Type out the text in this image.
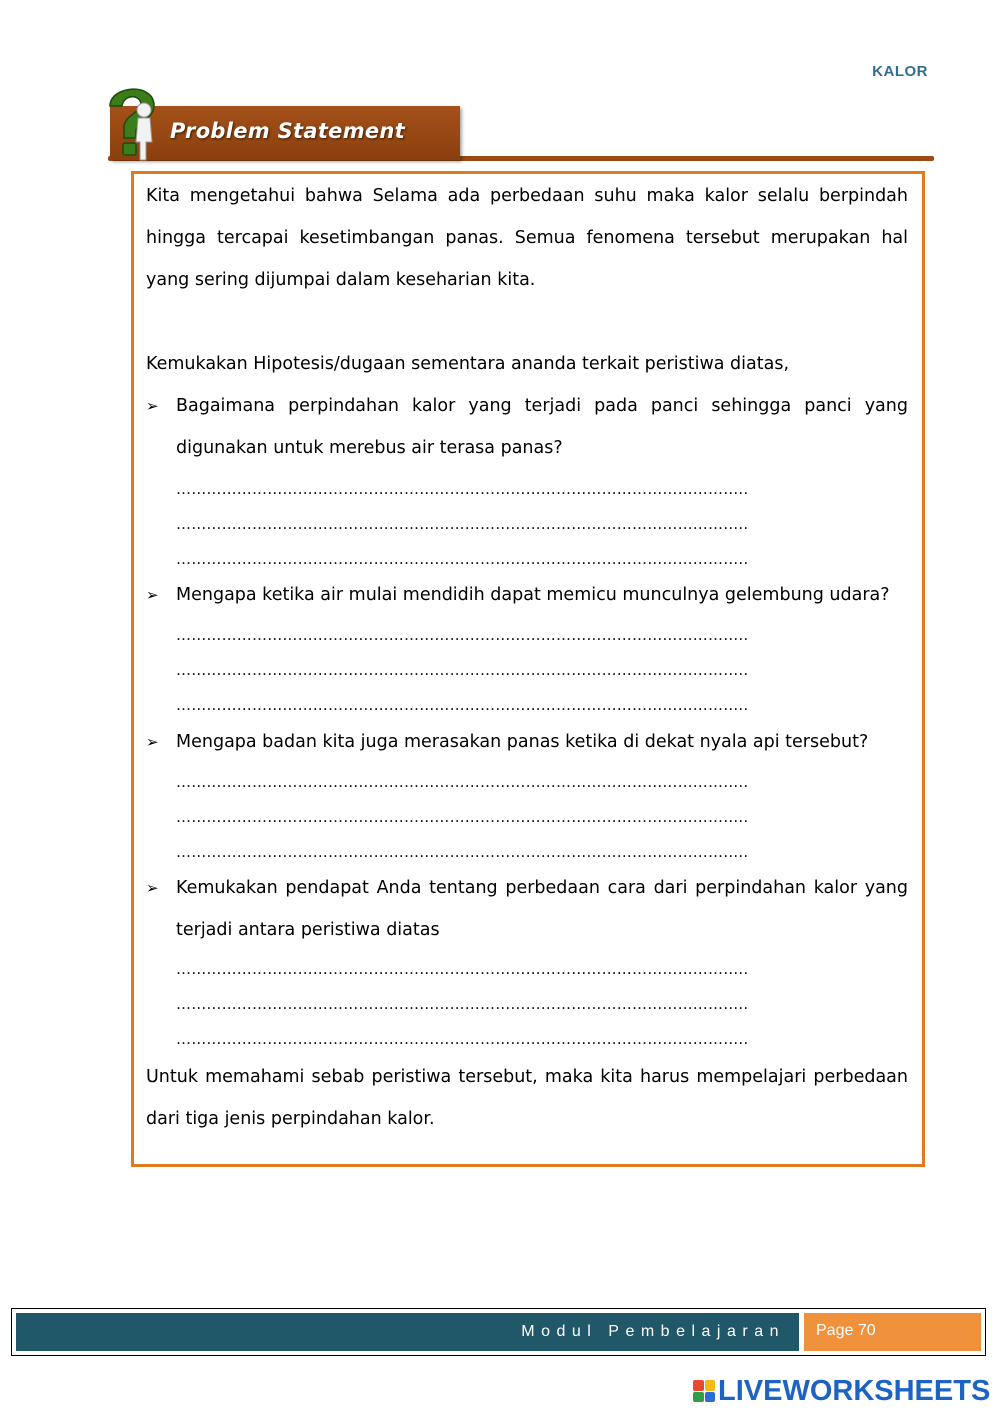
KALOR
Problem Statement

Kita mengetahui bahwa Selama ada perbedaan suhu maka kalor selalu berpindah hingga tercapai kesetimbangan panas. Semua fenomena tersebut merupakan hal yang sering dijumpai dalam keseharian kita.

Kemukakan Hipotesis/dugaan sementara ananda terkait peristiwa diatas,

➢ Bagaimana perpindahan kalor yang terjadi pada panci sehingga panci yang digunakan untuk merebus air terasa panas?

…………………………………………………………………………………………………..
…………………………………………………………………………………………………..
…………………………………………………………………………………………………..
➢ Mengapa ketika air mulai mendidih dapat memicu munculnya gelembung udara?

…………………………………………………………………………………………………..
…………………………………………………………………………………………………..
…………………………………………………………………………………………………..
➢ Mengapa badan kita juga merasakan panas ketika di dekat nyala api tersebut?

…………………………………………………………………………………………………..
…………………………………………………………………………………………………..
…………………………………………………………………………………………………..
➢ Kemukakan pendapat Anda tentang perbedaan cara dari perpindahan kalor yang terjadi antara peristiwa diatas

…………………………………………………………………………………………………..
…………………………………………………………………………………………………..
…………………………………………………………………………………………………..

Untuk memahami sebab peristiwa tersebut, maka kita harus mempelajari perbedaan dari tiga jenis perpindahan kalor.

Modul Pembelajaran Page 70
LIVEWORKSHEETS
